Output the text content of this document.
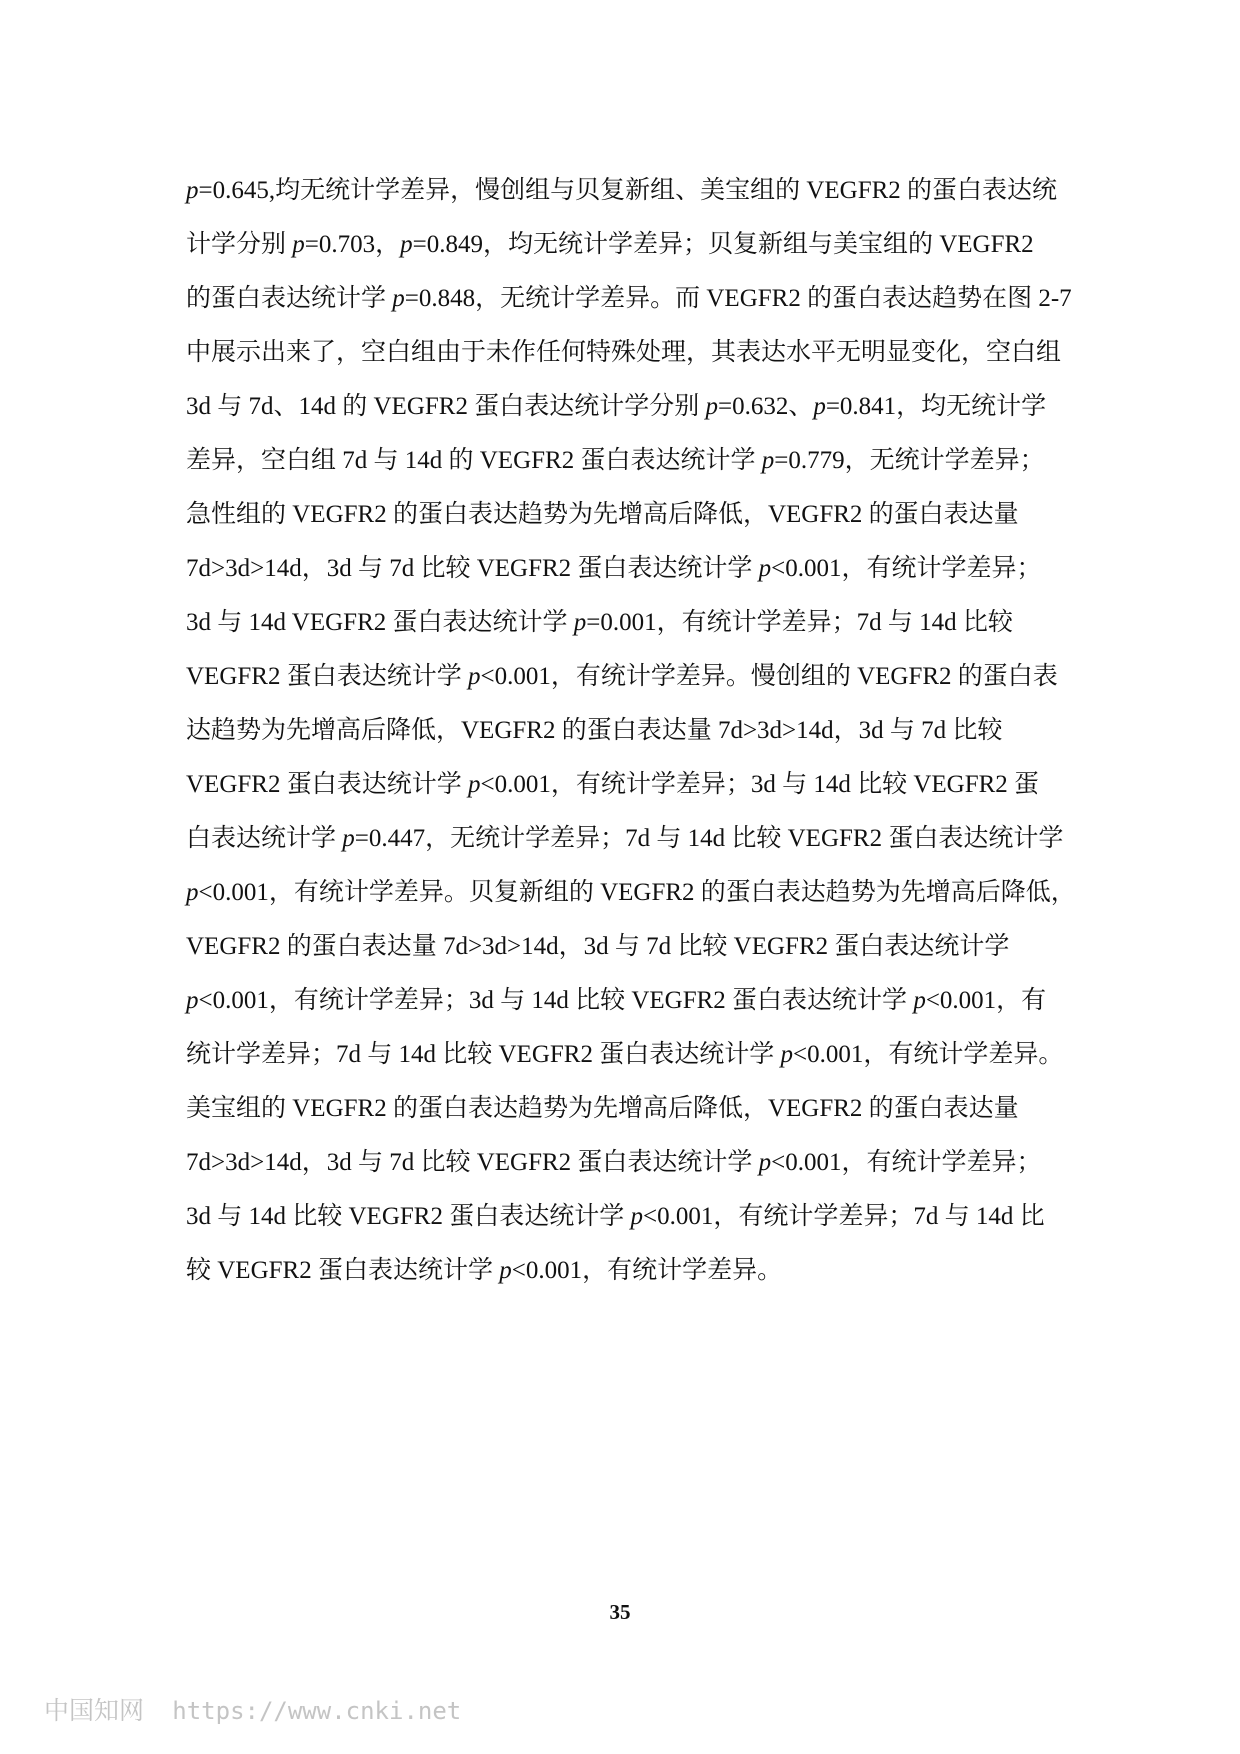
p=0.645,均无统计学差异，慢创组与贝复新组、美宝组的 VEGFR2 的蛋白表达统
计学分别 p=0.703，p=0.849，均无统计学差异；贝复新组与美宝组的 VEGFR2
的蛋白表达统计学 p=0.848，无统计学差异。而 VEGFR2 的蛋白表达趋势在图 2-7
中展示出来了，空白组由于未作任何特殊处理，其表达水平无明显变化，空白组
3d 与 7d、14d 的 VEGFR2 蛋白表达统计学分别 p=0.632、p=0.841，均无统计学
差异，空白组 7d 与 14d 的 VEGFR2 蛋白表达统计学 p=0.779，无统计学差异；
急性组的 VEGFR2 的蛋白表达趋势为先增高后降低，VEGFR2 的蛋白表达量
7d>3d>14d，3d 与 7d 比较 VEGFR2 蛋白表达统计学 p<0.001，有统计学差异；
3d 与 14d VEGFR2 蛋白表达统计学 p=0.001，有统计学差异；7d 与 14d 比较
VEGFR2 蛋白表达统计学 p<0.001，有统计学差异。慢创组的 VEGFR2 的蛋白表
达趋势为先增高后降低，VEGFR2 的蛋白表达量 7d>3d>14d，3d 与 7d 比较
VEGFR2 蛋白表达统计学 p<0.001，有统计学差异；3d 与 14d 比较 VEGFR2 蛋
白表达统计学 p=0.447，无统计学差异；7d 与 14d 比较 VEGFR2 蛋白表达统计学
p<0.001，有统计学差异。贝复新组的 VEGFR2 的蛋白表达趋势为先增高后降低，
VEGFR2 的蛋白表达量 7d>3d>14d，3d 与 7d 比较 VEGFR2 蛋白表达统计学
p<0.001，有统计学差异；3d 与 14d 比较 VEGFR2 蛋白表达统计学 p<0.001，有
统计学差异；7d 与 14d 比较 VEGFR2 蛋白表达统计学 p<0.001，有统计学差异。
美宝组的 VEGFR2 的蛋白表达趋势为先增高后降低，VEGFR2 的蛋白表达量
7d>3d>14d，3d 与 7d 比较 VEGFR2 蛋白表达统计学 p<0.001，有统计学差异；
3d 与 14d 比较 VEGFR2 蛋白表达统计学 p<0.001，有统计学差异；7d 与 14d 比
较 VEGFR2 蛋白表达统计学 p<0.001，有统计学差异。
35
中国知网 https://www.cnki.net
